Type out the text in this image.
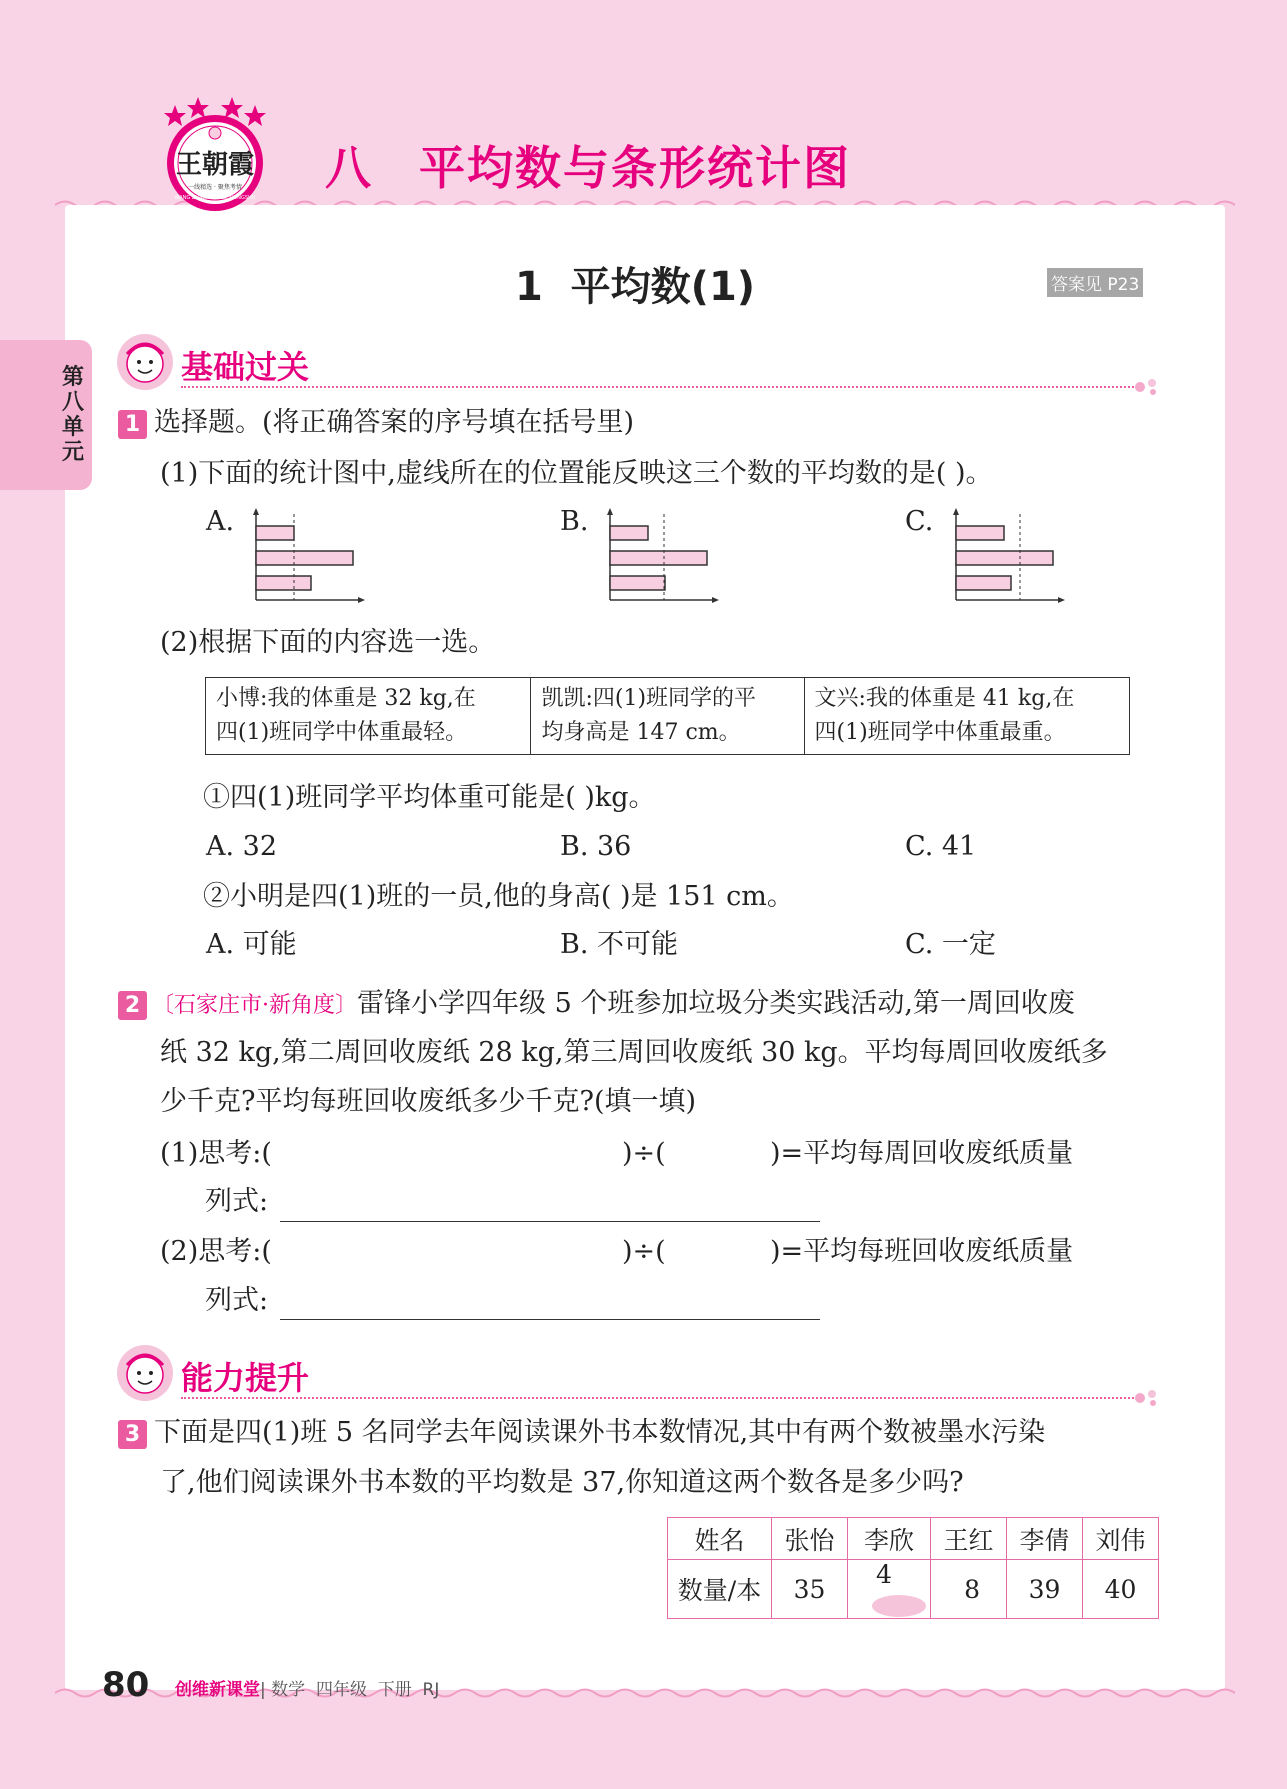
王朝霞
一线精选 · 聚焦考情
WANG ZHAOXIA XILIE CONGSHU
八 平均数与条形统计图
1  平均数(1)	答案见 P23
第八单元
基础过关
1 选择题。(将正确答案的序号填在括号里)
(1)下面的统计图中,虚线所在的位置能反映这三个数的平均数的是( )。
A.	B.	C.
(2)根据下面的内容选一选。
小博:我的体重是 32 kg,在
四(1)班同学中体重最轻。

凯凯:四(1)班同学的平
均身高是 147 cm。

文兴:我的体重是 41 kg,在
四(1)班同学中体重最重。
①四(1)班同学平均体重可能是( )kg。
A. 32	B. 36	C. 41
②小明是四(1)班的一员,他的身高( )是 151 cm。
A. 可能	B. 不可能	C. 一定
2 〔石家庄市·新角度〕雷锋小学四年级 5 个班参加垃圾分类实践活动,第一周回收废
纸 32 kg,第二周回收废纸 28 kg,第三周回收废纸 30 kg。平均每周回收废纸多
少千克?平均每班回收废纸多少千克?(填一填)
(1)思考:(	)÷(	)=平均每周回收废纸质量
列式:
(2)思考:(	)÷(	)=平均每班回收废纸质量
列式:
能力提升
3 下面是四(1)班 5 名同学去年阅读课外书本数情况,其中有两个数被墨水污染
了,他们阅读课外书本数的平均数是 37,你知道这两个数各是多少吗?
姓名	张怡	李欣	王红	李倩	刘伟
数量/本	35	4	8	39	40
80 创维新课堂| 数学  四年级  下册  RJ
